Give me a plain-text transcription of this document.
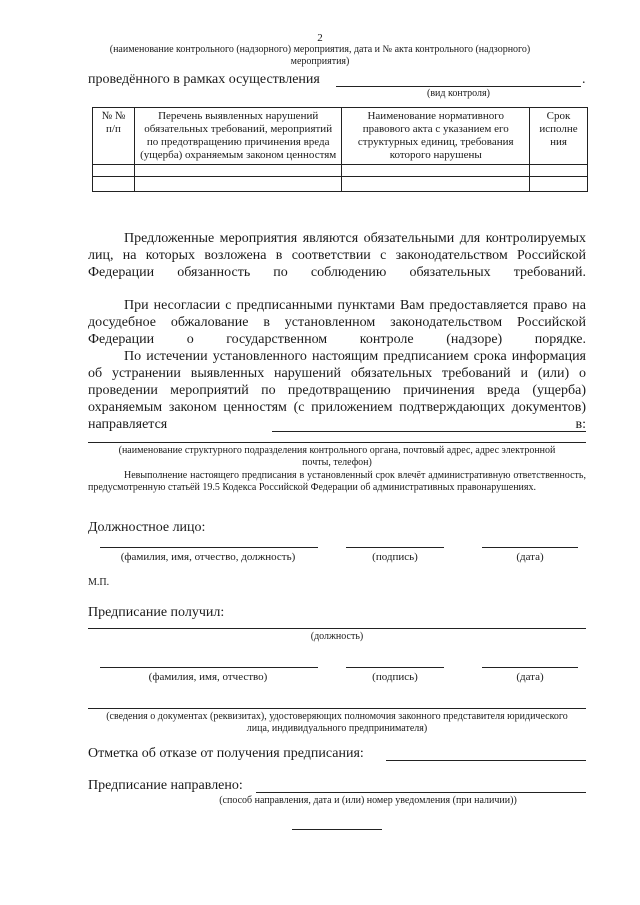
2
(наименование контрольного (надзорного) мероприятия, дата и № акта контрольного (надзорного)
мероприятия)
проведённого в рамках осуществления	.
(вид контроля)
№ № п/п	Перечень выявленных нарушений обязательных требований, мероприятий по предотвращению причинения вреда (ущерба) охраняемым законом ценностям	Наименование нормативного правового акта с указанием его структурных единиц, требования которого нарушены	Срок исполне ния

Предложенные мероприятия являются обязательными для контролируемых лиц, на которых возложена в соответствии с законодательством Российской Федерации обязанность по соблюдению обязательных требований.
При несогласии с предписанными пунктами Вам предоставляется право на досудебное обжалование в установленном законодательством Российской Федерации о государственном контроле (надзоре) порядке.
По истечении установленного настоящим предписанием срока информация об устранении выявленных нарушений обязательных требований и (или) о проведении мероприятий по предотвращению причинения вреда (ущерба) охраняемым законом ценностям (с приложением подтверждающих документов) направляется в:
(наименование структурного подразделения контрольного органа, почтовый адрес, адрес электронной
почты, телефон)
Невыполнение настоящего предписания в установленный срок влечёт административную ответственность, предусмотренную статьёй 19.5 Кодекса Российской Федерации об административных правонарушениях.
Должностное лицо:
(фамилия, имя, отчество, должность)	(подпись)	(дата)
М.П.
Предписание получил:
(должность)
(фамилия, имя, отчество)	(подпись)	(дата)
(сведения о документах (реквизитах), удостоверяющих полномочия законного представителя юридического
лица, индивидуального предпринимателя)
Отметка об отказе от получения предписания:
Предписание направлено:
(способ направления, дата и (или) номер уведомления (при наличии))
